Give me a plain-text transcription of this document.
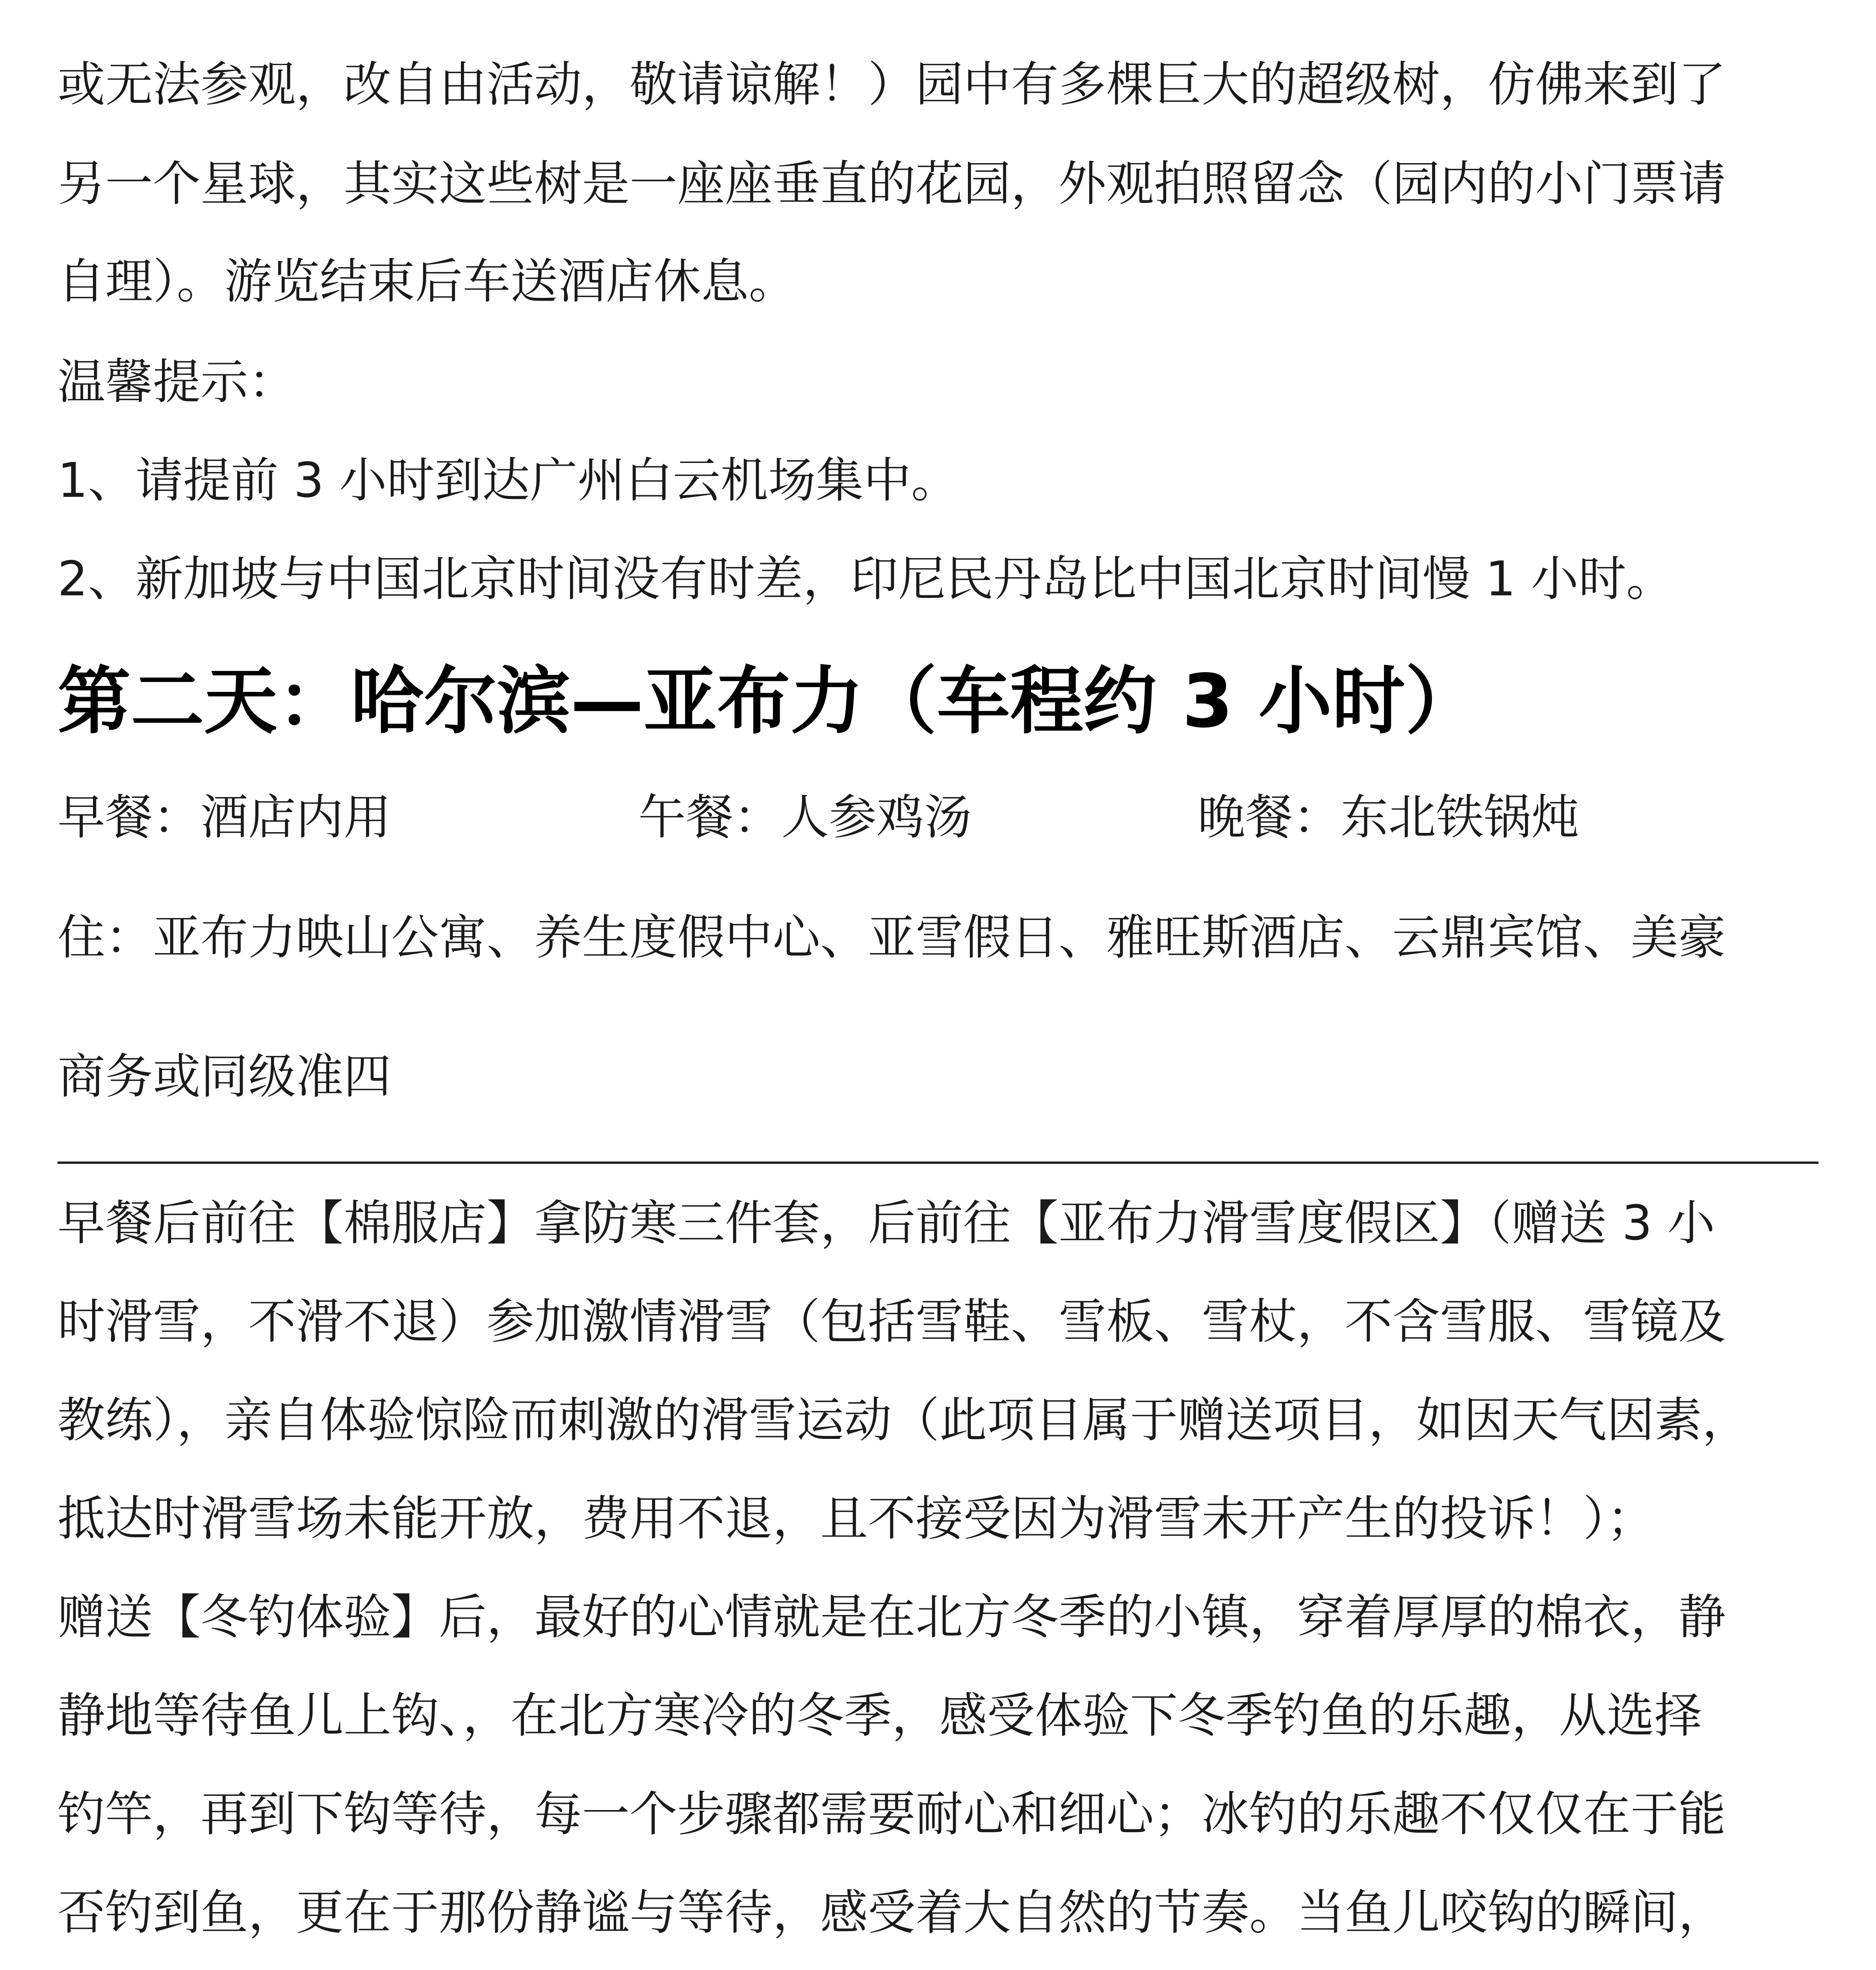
或无法参观，改自由活动，敬请谅解！）园中有多棵巨大的超级树，仿佛来到了

另一个星球，其实这些树是一座座垂直的花园，外观拍照留念（园内的小门票请

自理）。游览结束后车送酒店休息。

温馨提示：

1、请提前 3 小时到达广州白云机场集中。

2、新加坡与中国北京时间没有时差，印尼民丹岛比中国北京时间慢 1 小时。

第二天：哈尔滨—亚布力（车程约 3 小时）

早餐：酒店内用	午餐：人参鸡汤	晚餐：东北铁锅炖

住：亚布力映山公寓、养生度假中心、亚雪假日、雅旺斯酒店、云鼎宾馆、美豪

商务或同级准四

早餐后前往【棉服店】拿防寒三件套，后前往【亚布力滑雪度假区】（赠送 3 小

时滑雪，不滑不退）参加激情滑雪（包括雪鞋、雪板、雪杖，不含雪服、雪镜及

教练），亲自体验惊险而刺激的滑雪运动（此项目属于赠送项目，如因天气因素，

抵达时滑雪场未能开放，费用不退，且不接受因为滑雪未开产生的投诉！）；

赠送【冬钓体验】后，最好的心情就是在北方冬季的小镇，穿着厚厚的棉衣，静

静地等待鱼儿上钩、，在北方寒冷的冬季，感受体验下冬季钓鱼的乐趣，从选择

钓竿，再到下钩等待，每一个步骤都需要耐心和细心；冰钓的乐趣不仅仅在于能

否钓到鱼，更在于那份静谧与等待，感受着大自然的节奏。当鱼儿咬钩的瞬间，
